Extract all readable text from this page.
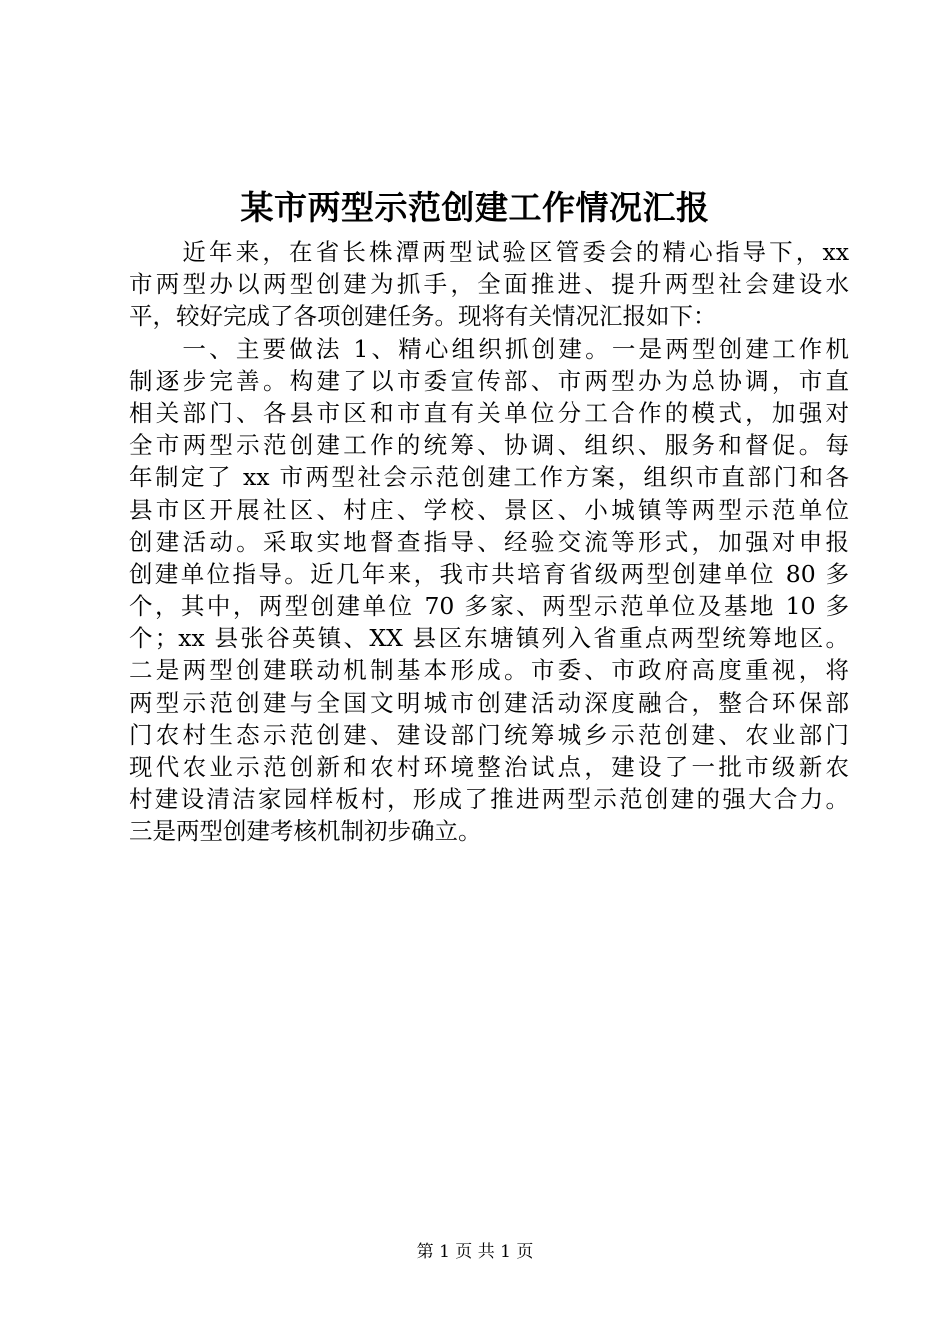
某市两型示范创建工作情况汇报
　　近年来，在省长株潭两型试验区管委会的精心指导下，xx
市两型办以两型创建为抓手，全面推进、提升两型社会建设水
平，较好完成了各项创建任务。现将有关情况汇报如下：
　　一、主要做法 1、精心组织抓创建。一是两型创建工作机
制逐步完善。构建了以市委宣传部、市两型办为总协调，市直
相关部门、各县市区和市直有关单位分工合作的模式，加强对
全市两型示范创建工作的统筹、协调、组织、服务和督促。每
年制定了 xx 市两型社会示范创建工作方案，组织市直部门和各
县市区开展社区、村庄、学校、景区、小城镇等两型示范单位
创建活动。采取实地督查指导、经验交流等形式，加强对申报
创建单位指导。近几年来，我市共培育省级两型创建单位 80 多
个，其中，两型创建单位 70 多家、两型示范单位及基地 10 多
个；xx 县张谷英镇、XX 县区东塘镇列入省重点两型统筹地区。
二是两型创建联动机制基本形成。市委、市政府高度重视，将
两型示范创建与全国文明城市创建活动深度融合，整合环保部
门农村生态示范创建、建设部门统筹城乡示范创建、农业部门
现代农业示范创新和农村环境整治试点，建设了一批市级新农
村建设清洁家园样板村，形成了推进两型示范创建的强大合力。
三是两型创建考核机制初步确立。
第 1 页 共 1 页
